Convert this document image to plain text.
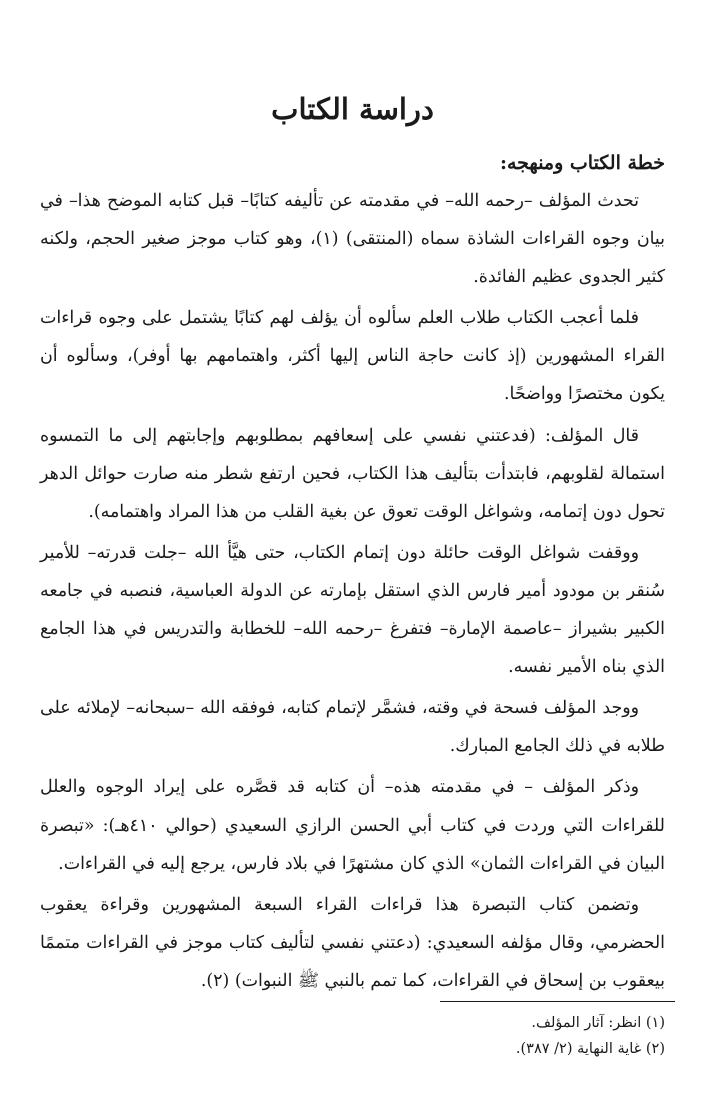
دراسة الكتاب
خطة الكتاب ومنهجه:

تحدث المؤلف –رحمه الله– في مقدمته عن تأليفه كتابًا– قبل كتابه الموضح هذا– في بيان وجوه القراءات الشاذة سماه (المنتقى) (١)، وهو كتاب موجز صغير الحجم، ولكنه كثير الجدوى عظيم الفائدة.

فلما أعجب الكتاب طلاب العلم سألوه أن يؤلف لهم كتابًا يشتمل على وجوه قراءات القراء المشهورين (إذ كانت حاجة الناس إليها أكثر، واهتمامهم بها أوفر)، وسألوه أن يكون مختصرًا وواضحًا.

قال المؤلف: (فدعتني نفسي على إسعافهم بمطلوبهم وإجابتهم إلى ما التمسوه استمالة لقلوبهم، فابتدأت بتأليف هذا الكتاب، فحين ارتفع شطر منه صارت حوائل الدهر تحول دون إتمامه، وشواغل الوقت تعوق عن بغية القلب من هذا المراد واهتمامه).

ووقفت شواغل الوقت حائلة دون إتمام الكتاب، حتى هيَّأ الله –جلت قدرته– للأمير سُنقر بن مودود أمير فارس الذي استقل بإمارته عن الدولة العباسية، فنصبه في جامعه الكبير بشيراز –عاصمة الإمارة– فتفرغ –رحمه الله– للخطابة والتدريس في هذا الجامع الذي بناه الأمير نفسه.

ووجد المؤلف فسحة في وقته، فشمَّر لإتمام كتابه، فوفقه الله –سبحانه– لإملائه على طلابه في ذلك الجامع المبارك.

وذكر المؤلف – في مقدمته هذه– أن كتابه قد قصَّره على إيراد الوجوه والعلل للقراءات التي وردت في كتاب أبي الحسن الرازي السعيدي (حوالي ٤١٠هـ): «تبصرة البيان في القراءات الثمان» الذي كان مشتهرًا في بلاد فارس، يرجع إليه في القراءات.

وتضمن كتاب التبصرة هذا قراءات القراء السبعة المشهورين وقراءة يعقوب الحضرمي، وقال مؤلفه السعيدي: (دعتني نفسي لتأليف كتاب موجز في القراءات متممًا بيعقوب بن إسحاق في القراءات، كما تمم بالنبي ﷺ النبوات) (٢).

(١) انظر: آثار المؤلف.
(٢) غاية النهاية (٢/ ٣٨٧).
